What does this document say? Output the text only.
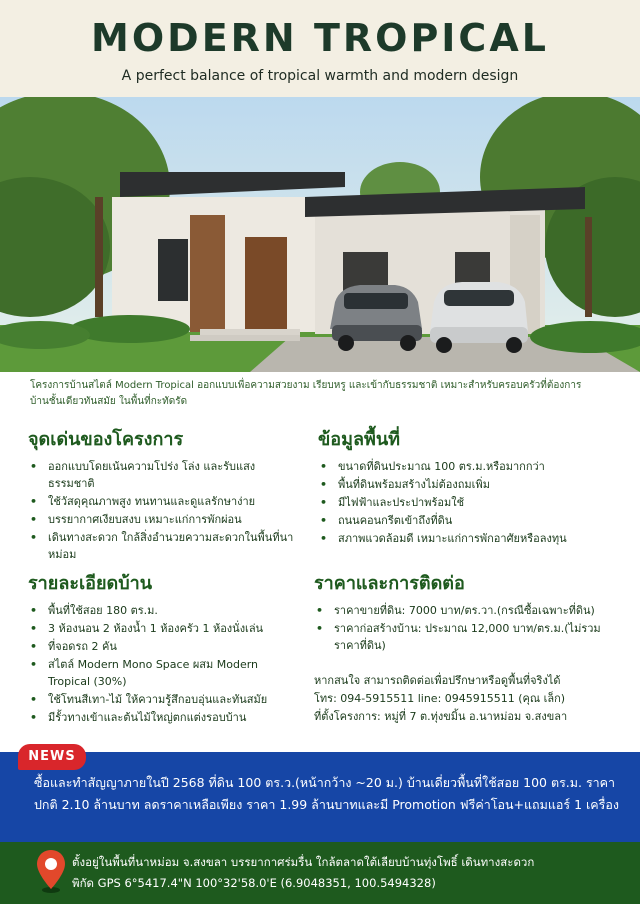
MODERN TROPICAL
A perfect balance of tropical warmth and modern design
โครงการบ้านสไตล์ Modern Tropical ออกแบบเพื่อความสวยงาม เรียบหรู และเข้ากับธรรมชาติ เหมาะสำหรับครอบครัวที่ต้องการ
บ้านชั้นเดียวทันสมัย ในพื้นที่กะทัดรัด
จุดเด่นของโครงการ
• ออกแบบโดยเน้นความโปร่ง โล่ง และรับแสงธรรมชาติ
• ใช้วัสดุคุณภาพสูง ทนทานและดูแลรักษาง่าย
• บรรยากาศเงียบสงบ เหมาะแก่การพักผ่อน
• เดินทางสะดวก ใกล้สิ่งอำนวยความสะดวกในพื้นที่นาหม่อม
ข้อมูลพื้นที่
• ขนาดที่ดินประมาณ 100 ตร.ม.หรือมากกว่า
• พื้นที่ดินพร้อมสร้างไม่ต้องถมเพิ่ม
• มีไฟฟ้าและประปาพร้อมใช้
• ถนนคอนกรีตเข้าถึงที่ดิน
• สภาพแวดล้อมดี เหมาะแก่การพักอาศัยหรือลงทุน
รายละเอียดบ้าน
• พื้นที่ใช้สอย 180 ตร.ม.
• 3 ห้องนอน 2 ห้องน้ำ 1 ห้องครัว 1 ห้องนั่งเล่น
• ที่จอดรถ 2 คัน
• สไตล์ Modern Mono Space ผสม Modern Tropical (30%)
• ใช้โทนสีเทา-ไม้ ให้ความรู้สึกอบอุ่นและทันสมัย
• มีรั้วทางเข้าและต้นไม้ใหญ่ตกแต่งรอบบ้าน
ราคาและการติดต่อ
• ราคาขายที่ดิน: 7000 บาท/ตร.วา.(กรณีซื้อเฉพาะที่ดิน)
• ราคาก่อสร้างบ้าน: ประมาณ 12,000 บาท/ตร.ม.(ไม่รวมราคาที่ดิน)
หากสนใจ สามารถติดต่อเพื่อปรึกษาหรือดูพื้นที่จริงได้
โทร: 094-5915511 line: 0945915511 (คุณ เล็ก)
ที่ตั้งโครงการ: หมู่ที่ 7 ต.ทุ่งขมิ้น อ.นาหม่อม จ.สงขลา
NEWS
ซื้อและทำสัญญาภายในปี 2568 ที่ดิน 100 ตร.ว.(หน้ากว้าง ~20 ม.) บ้านเดี่ยวพื้นที่ใช้สอย 100 ตร.ม. ราคาปกติ 2.10 ล้านบาท ลดราคาเหลือเพียง ราคา 1.99 ล้านบาทและมี Promotion ฟรีค่าโอน+แถมแอร์ 1 เครื่อง
ตั้งอยู่ในพื้นที่นาหม่อม จ.สงขลา บรรยากาศร่มรื่น ใกล้ตลาดใต้เลียบบ้านทุ่งโพธิ์ เดินทางสะดวก
พิกัด GPS 6°5417.4"N 100°32'58.0'E (6.9048351, 100.5494328)
